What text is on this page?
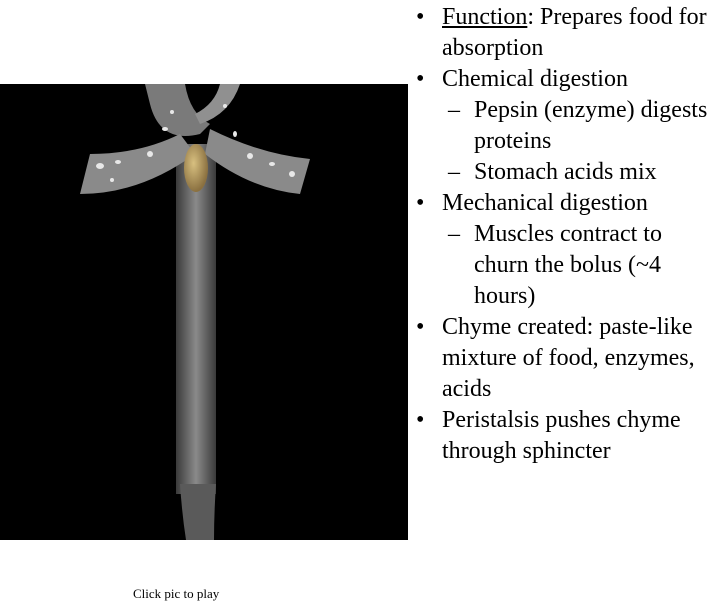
Click pic to play
• Function: Prepares food for absorption
• Chemical digestion
– Pepsin (enzyme) digests proteins
– Stomach acids mix
• Mechanical digestion
– Muscles contract to churn the bolus (~4 hours)
• Chyme created: paste-like mixture of food, enzymes, acids
• Peristalsis pushes chyme through sphincter
